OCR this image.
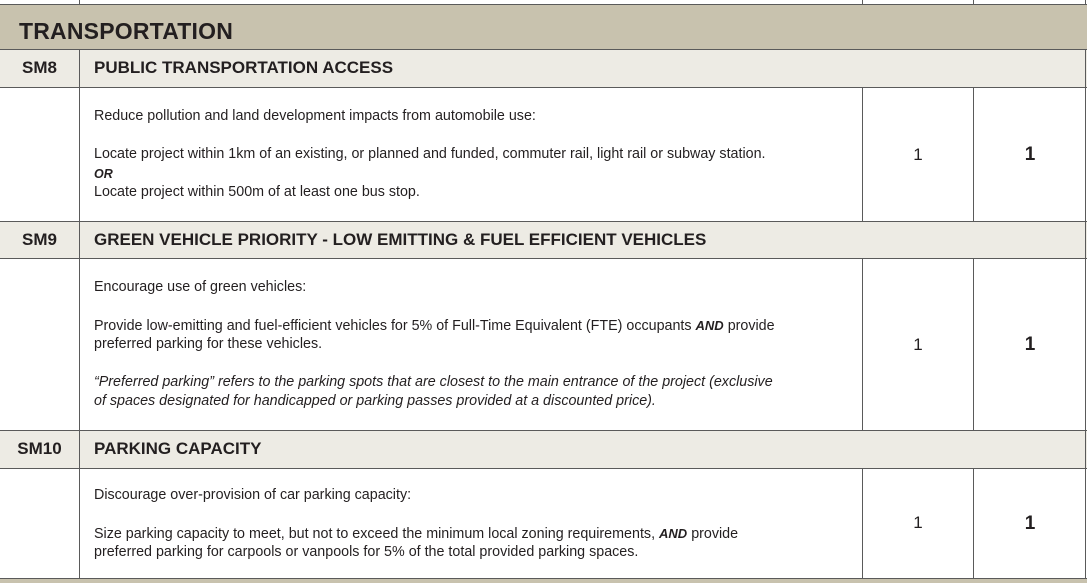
TRANSPORTATION
SM8	PUBLIC TRANSPORTATION ACCESS
Reduce pollution and land development impacts from automobile use:
Locate project within 1km of an existing, or planned and funded, commuter rail, light rail or subway station.
OR
Locate project within 500m of at least one bus stop.
1	1
SM9	GREEN VEHICLE PRIORITY - LOW EMITTING & FUEL EFFICIENT VEHICLES
Encourage use of green vehicles:
Provide low-emitting and fuel-efficient vehicles for 5% of Full-Time Equivalent (FTE) occupants AND provide
preferred parking for these vehicles.
“Preferred parking” refers to the parking spots that are closest to the main entrance of the project (exclusive
of spaces designated for handicapped or parking passes provided at a discounted price).
1	1
SM10	PARKING CAPACITY
Discourage over-provision of car parking capacity:
Size parking capacity to meet, but not to exceed the minimum local zoning requirements, AND provide
preferred parking for carpools or vanpools for 5% of the total provided parking spaces.
1	1
